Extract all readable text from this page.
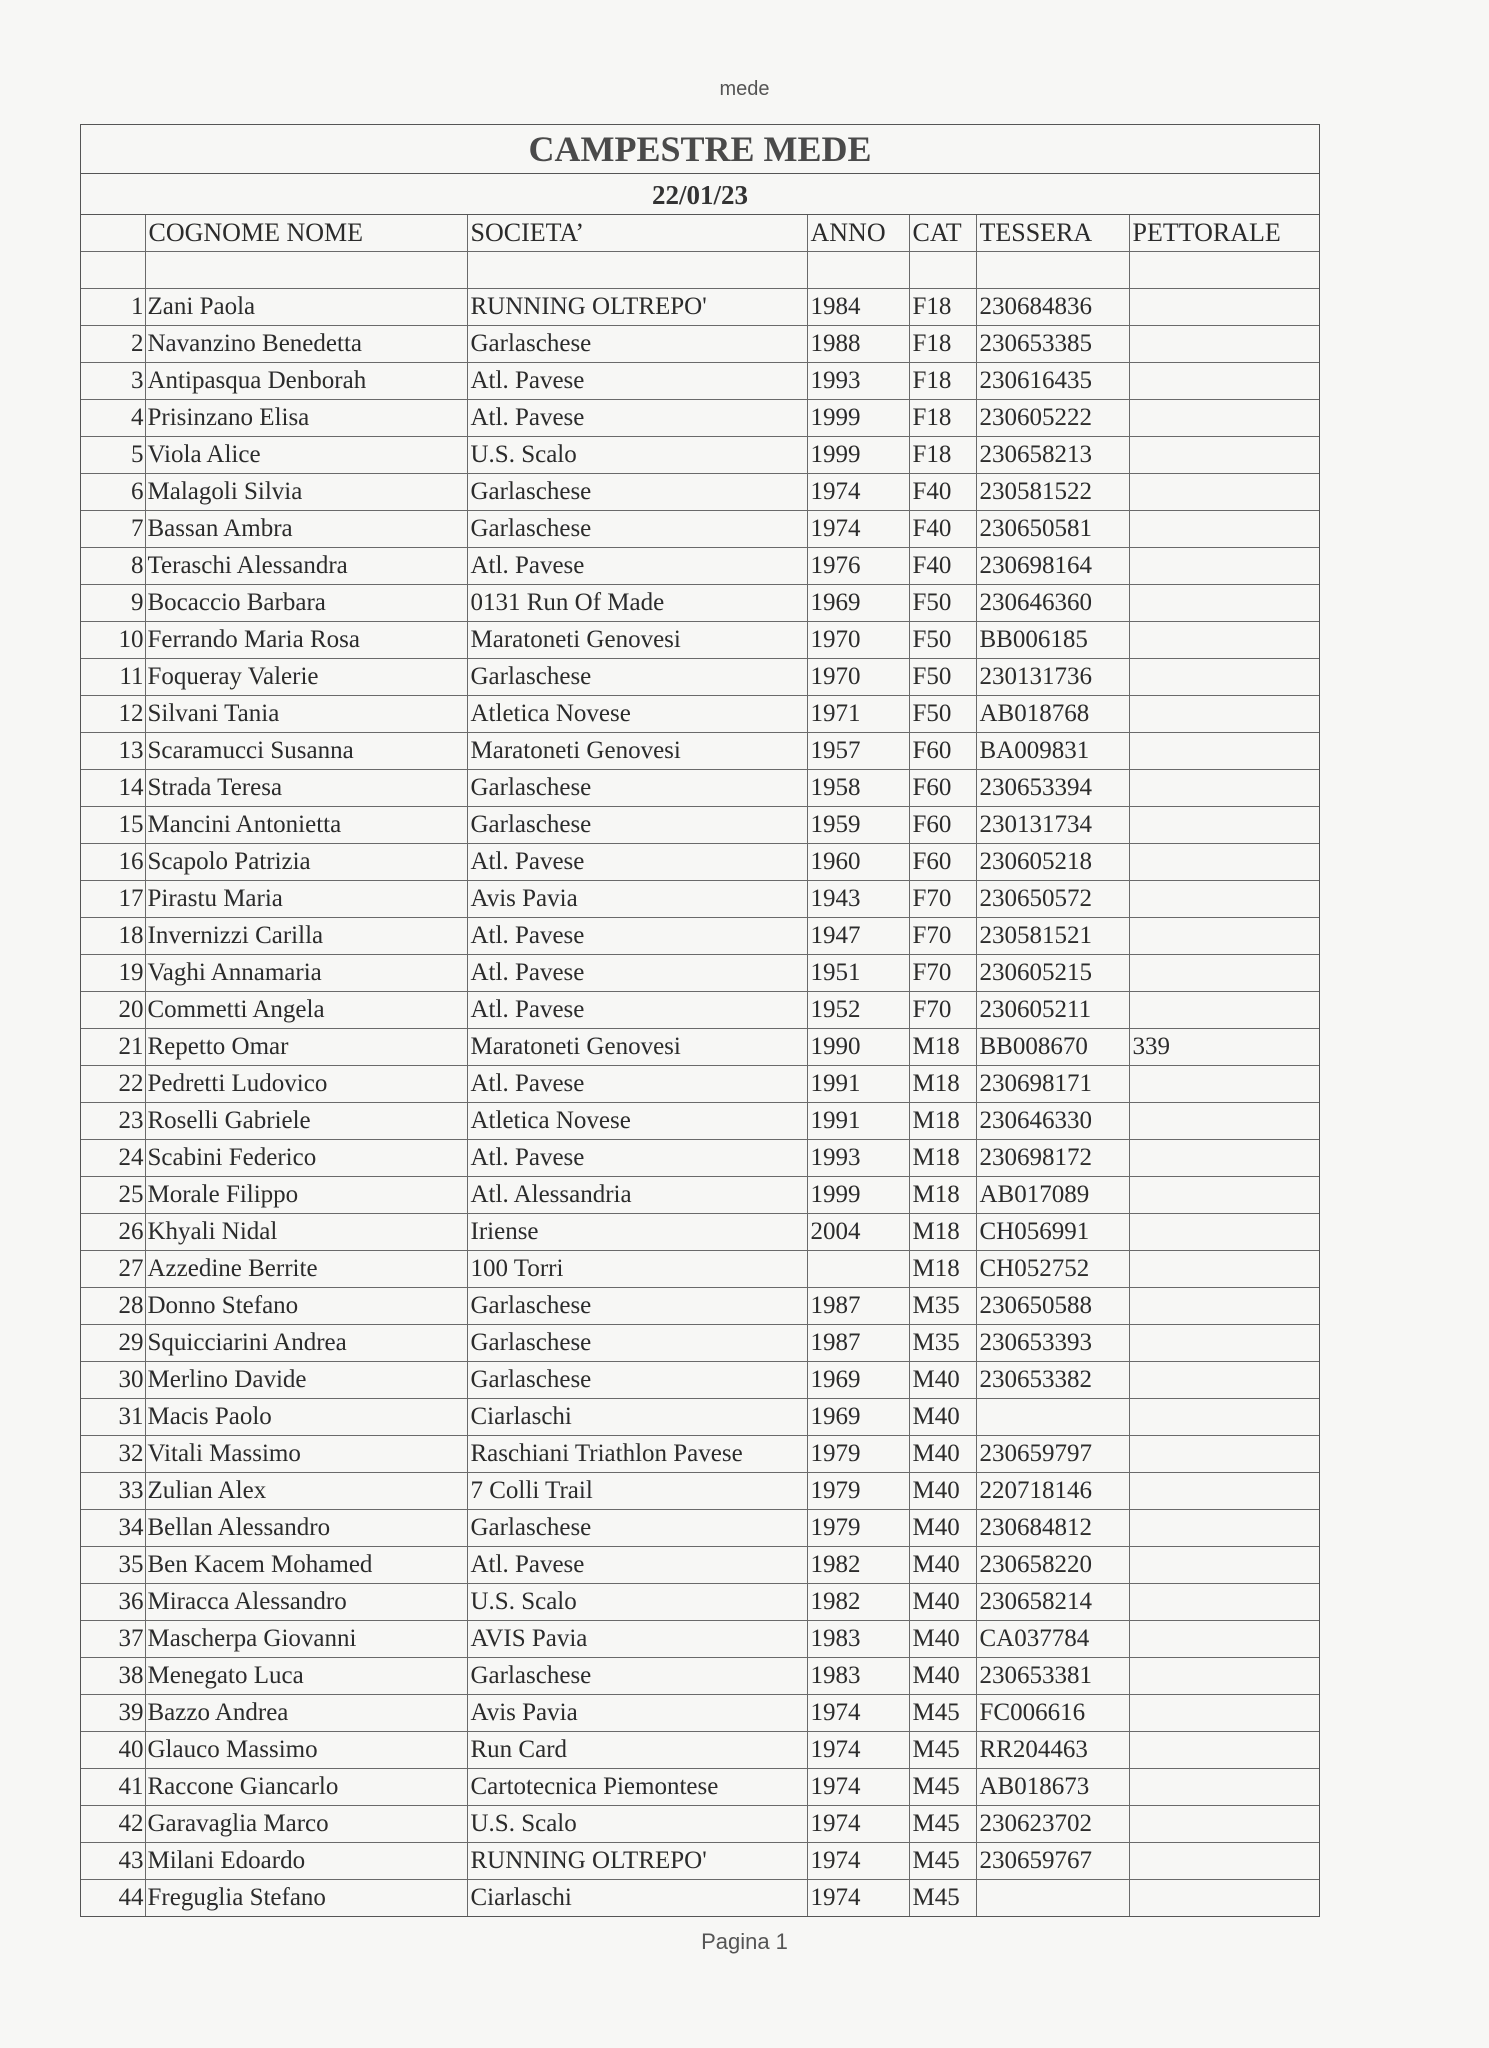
mede
CAMPESTRE MEDE
22/01/23
	COGNOME NOME	SOCIETA’	ANNO	CAT	TESSERA	PETTORALE

1	Zani Paola	RUNNING OLTREPO'	1984	F18	230684836	
2	Navanzino Benedetta	Garlaschese	1988	F18	230653385	
3	Antipasqua Denborah	Atl. Pavese	1993	F18	230616435	
4	Prisinzano Elisa	Atl. Pavese	1999	F18	230605222	
5	Viola Alice	U.S. Scalo	1999	F18	230658213	
6	Malagoli Silvia	Garlaschese	1974	F40	230581522	
7	Bassan Ambra	Garlaschese	1974	F40	230650581	
8	Teraschi Alessandra	Atl. Pavese	1976	F40	230698164	
9	Bocaccio Barbara	0131 Run Of Made	1969	F50	230646360	
10	Ferrando Maria Rosa	Maratoneti Genovesi	1970	F50	BB006185	
11	Foqueray Valerie	Garlaschese	1970	F50	230131736	
12	Silvani Tania	Atletica Novese	1971	F50	AB018768	
13	Scaramucci Susanna	Maratoneti Genovesi	1957	F60	BA009831	
14	Strada Teresa	Garlaschese	1958	F60	230653394	
15	Mancini Antonietta	Garlaschese	1959	F60	230131734	
16	Scapolo Patrizia	Atl. Pavese	1960	F60	230605218	
17	Pirastu Maria	Avis Pavia	1943	F70	230650572	
18	Invernizzi Carilla	Atl. Pavese	1947	F70	230581521	
19	Vaghi Annamaria	Atl. Pavese	1951	F70	230605215	
20	Commetti Angela	Atl. Pavese	1952	F70	230605211	
21	Repetto Omar	Maratoneti Genovesi	1990	M18	BB008670	339
22	Pedretti Ludovico	Atl. Pavese	1991	M18	230698171	
23	Roselli Gabriele	Atletica Novese	1991	M18	230646330	
24	Scabini Federico	Atl. Pavese	1993	M18	230698172	
25	Morale Filippo	Atl. Alessandria	1999	M18	AB017089	
26	Khyali Nidal	Iriense	2004	M18	CH056991	
27	Azzedine Berrite	100 Torri		M18	CH052752	
28	Donno Stefano	Garlaschese	1987	M35	230650588	
29	Squicciarini Andrea	Garlaschese	1987	M35	230653393	
30	Merlino Davide	Garlaschese	1969	M40	230653382	
31	Macis Paolo	Ciarlaschi	1969	M40		
32	Vitali Massimo	Raschiani Triathlon Pavese	1979	M40	230659797	
33	Zulian Alex	7 Colli Trail	1979	M40	220718146	
34	Bellan Alessandro	Garlaschese	1979	M40	230684812	
35	Ben Kacem Mohamed	Atl. Pavese	1982	M40	230658220	
36	Miracca Alessandro	U.S. Scalo	1982	M40	230658214	
37	Mascherpa Giovanni	AVIS Pavia	1983	M40	CA037784	
38	Menegato Luca	Garlaschese	1983	M40	230653381	
39	Bazzo Andrea	Avis Pavia	1974	M45	FC006616	
40	Glauco Massimo	Run Card	1974	M45	RR204463	
41	Raccone Giancarlo	Cartotecnica Piemontese	1974	M45	AB018673	
42	Garavaglia Marco	U.S. Scalo	1974	M45	230623702	
43	Milani Edoardo	RUNNING OLTREPO'	1974	M45	230659767	
44	Freguglia Stefano	Ciarlaschi	1974	M45		
Pagina 1
